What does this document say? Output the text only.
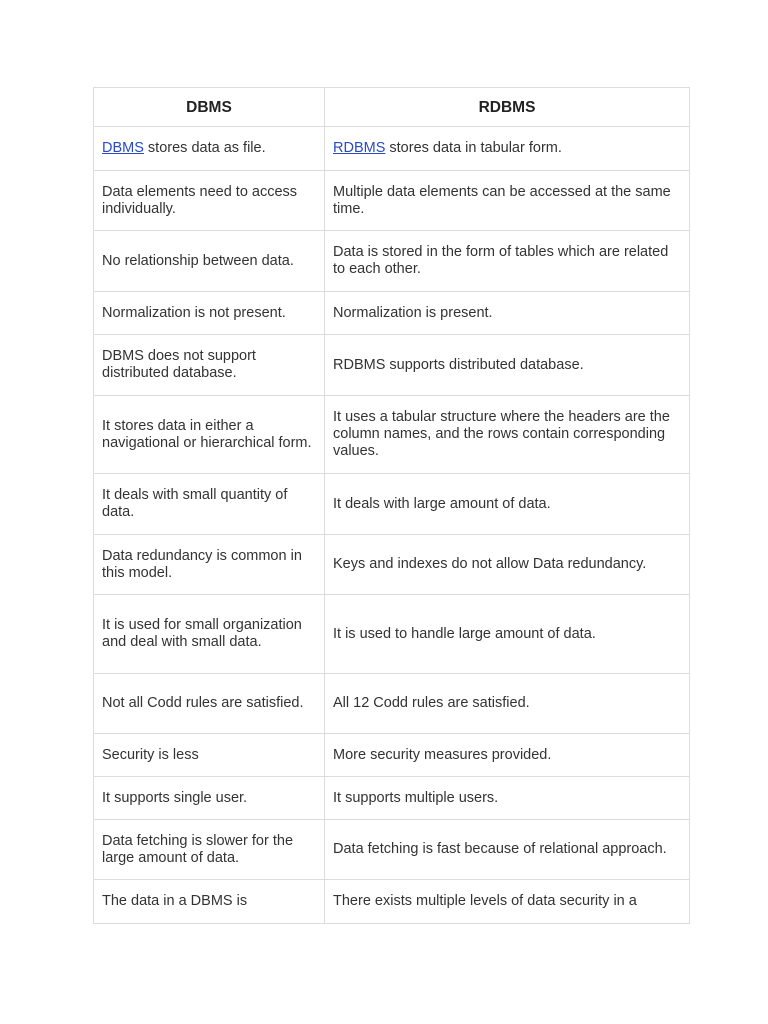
DBMS	RDBMS

DBMS stores data as file.	RDBMS stores data in tabular form.

Data elements need to access individually.	Multiple data elements can be accessed at the same time.

No relationship between data.	Data is stored in the form of tables which are related to each other.

Normalization is not present.	Normalization is present.

DBMS does not support distributed database.	RDBMS supports distributed database.

It stores data in either a navigational or hierarchical form.	It uses a tabular structure where the headers are the column names, and the rows contain corresponding values.

It deals with small quantity of data.	It deals with large amount of data.

Data redundancy is common in this model.	Keys and indexes do not allow Data redundancy.

It is used for small organization and deal with small data.	It is used to handle large amount of data.

Not all Codd rules are satisfied.	All 12 Codd rules are satisfied.

Security is less	More security measures provided.

It supports single user.	It supports multiple users.

Data fetching is slower for the large amount of data.	Data fetching is fast because of relational approach.

The data in a DBMS is	There exists multiple levels of data security in a
